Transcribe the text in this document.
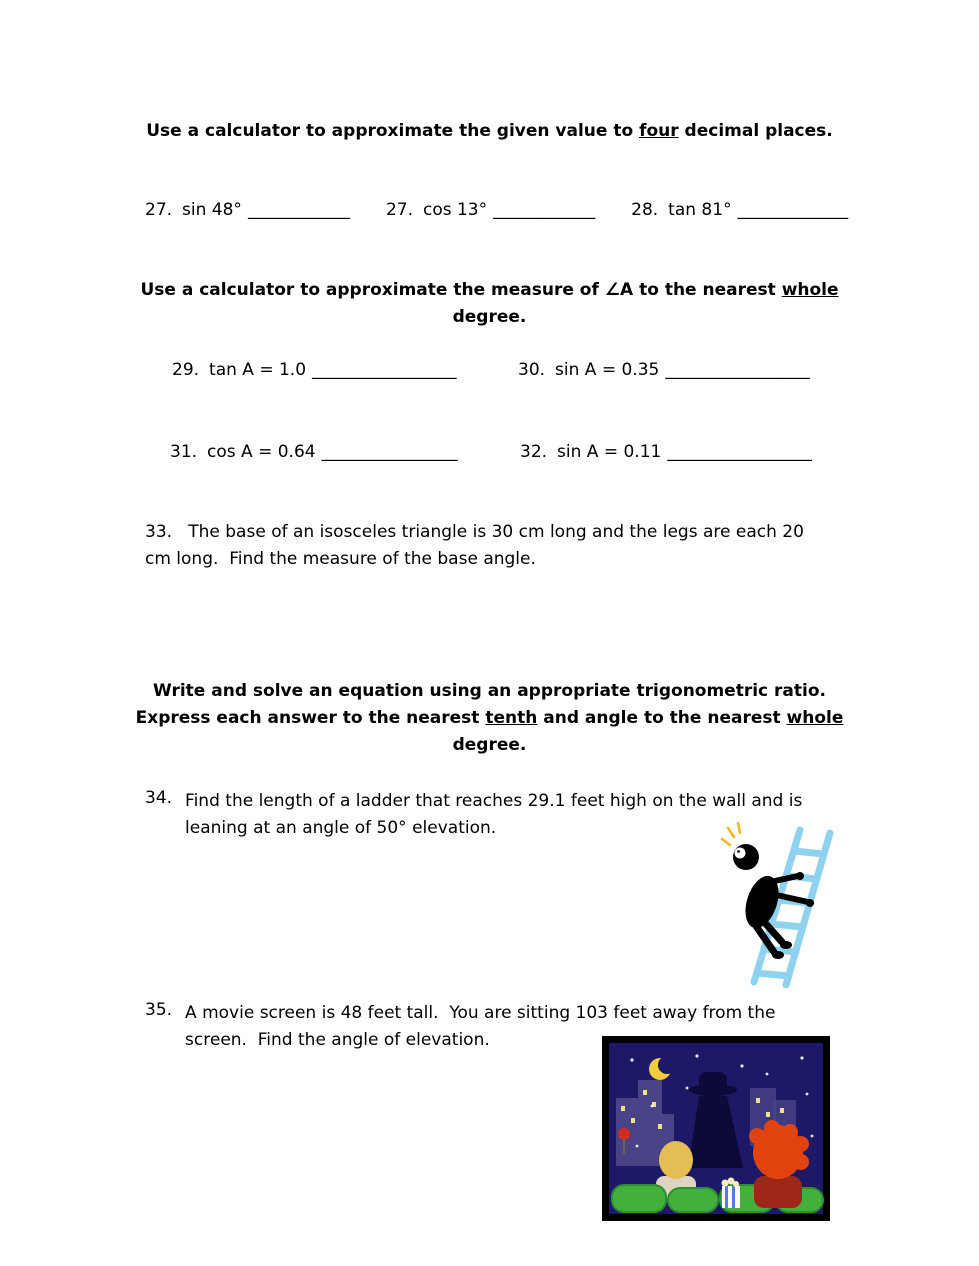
Use a calculator to approximate the given value to four decimal places.
27. sin 48° ____________ 27. cos 13° ____________ 28. tan 81° _____________
Use a calculator to approximate the measure of ∠A to the nearest whole
degree.
29. tan A = 1.0 _________________	30. sin A = 0.35 _________________
31. cos A = 0.64 ________________	32. sin A = 0.11 _________________

33.   The base of an isosceles triangle is 30 cm long and the legs are each 20 cm long.  Find the measure of the base angle.

Write and solve an equation using an appropriate trigonometric ratio.
Express each answer to the nearest tenth and angle to the nearest whole
degree.
34. Find the length of a ladder that reaches 29.1 feet high on the wall and is leaning at an angle of 50° elevation.
35. A movie screen is 48 feet tall.  You are sitting 103 feet away from the screen.  Find the angle of elevation.
